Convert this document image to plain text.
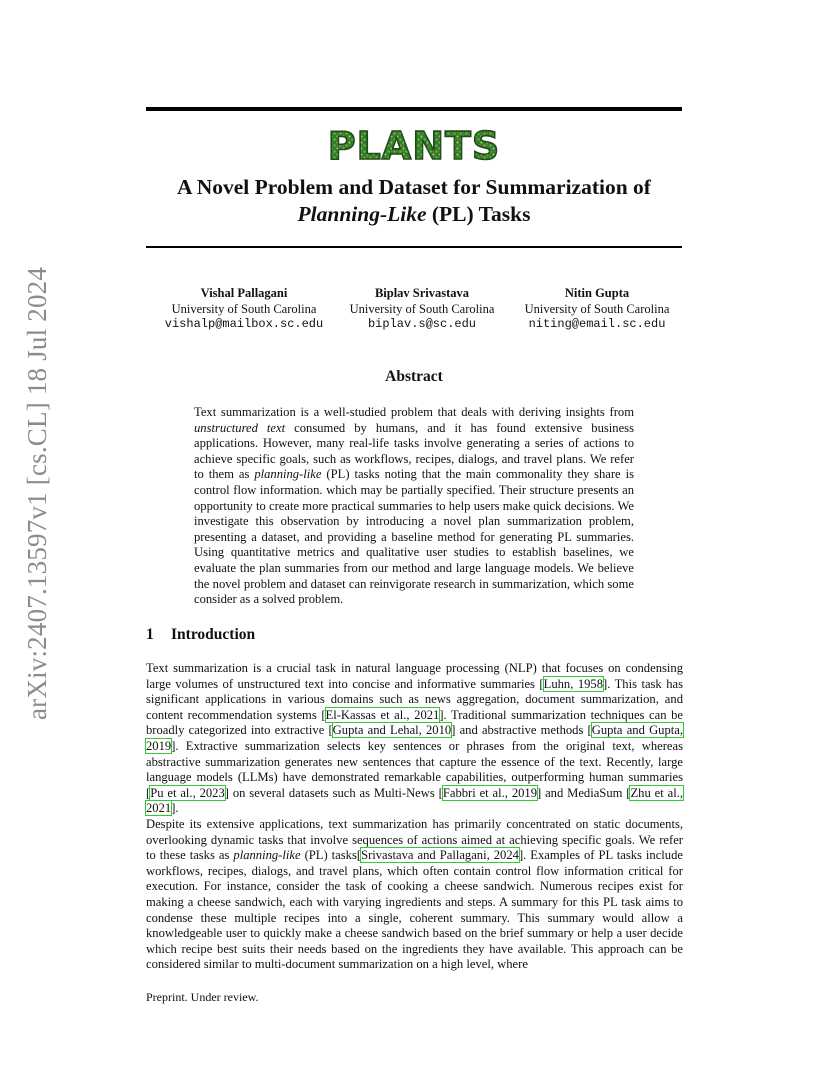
arXiv:2407.13597v1 [cs.CL] 18 Jul 2024
PLANTS
A Novel Problem and Dataset for Summarization of
Planning-Like (PL) Tasks
Vishal Pallagani
University of South Carolina
vishalp@mailbox.sc.edu
Biplav Srivastava
University of South Carolina
biplav.s@sc.edu
Nitin Gupta
University of South Carolina
niting@email.sc.edu
Abstract
Text summarization is a well-studied problem that deals with deriving insights from unstructured text consumed by humans, and it has found extensive business applications. However, many real-life tasks involve generating a series of actions to achieve specific goals, such as workflows, recipes, dialogs, and travel plans. We refer to them as planning-like (PL) tasks noting that the main commonality they share is control flow information. which may be partially specified. Their structure presents an opportunity to create more practical summaries to help users make quick decisions. We investigate this observation by introducing a novel plan summarization problem, presenting a dataset, and providing a baseline method for generating PL summaries. Using quantitative metrics and qualitative user studies to establish baselines, we evaluate the plan summaries from our method and large language models. We believe the novel problem and dataset can reinvigorate research in summarization, which some consider as a solved problem.
1 Introduction
Text summarization is a crucial task in natural language processing (NLP) that focuses on condensing large volumes of unstructured text into concise and informative summaries [Luhn, 1958]. This task has significant applications in various domains such as news aggregation, document summarization, and content recommendation systems [El-Kassas et al., 2021]. Traditional summarization techniques can be broadly categorized into extractive [Gupta and Lehal, 2010] and abstractive methods [Gupta and Gupta, 2019]. Extractive summarization selects key sentences or phrases from the original text, whereas abstractive summarization generates new sentences that capture the essence of the text. Recently, large language models (LLMs) have demonstrated remarkable capabilities, outperforming human summaries [Pu et al., 2023] on several datasets such as Multi-News [Fabbri et al., 2019] and MediaSum [Zhu et al., 2021].
Despite its extensive applications, text summarization has primarily concentrated on static documents, overlooking dynamic tasks that involve sequences of actions aimed at achieving specific goals. We refer to these tasks as planning-like (PL) tasks[Srivastava and Pallagani, 2024]. Examples of PL tasks include workflows, recipes, dialogs, and travel plans, which often contain control flow information critical for execution. For instance, consider the task of cooking a cheese sandwich. Numerous recipes exist for making a cheese sandwich, each with varying ingredients and steps. A summary for this PL task aims to condense these multiple recipes into a single, coherent summary. This summary would allow a knowledgeable user to quickly make a cheese sandwich based on the brief summary or help a user decide which recipe best suits their needs based on the ingredients they have available. This approach can be considered similar to multi-document summarization on a high level, where
Preprint. Under review.
